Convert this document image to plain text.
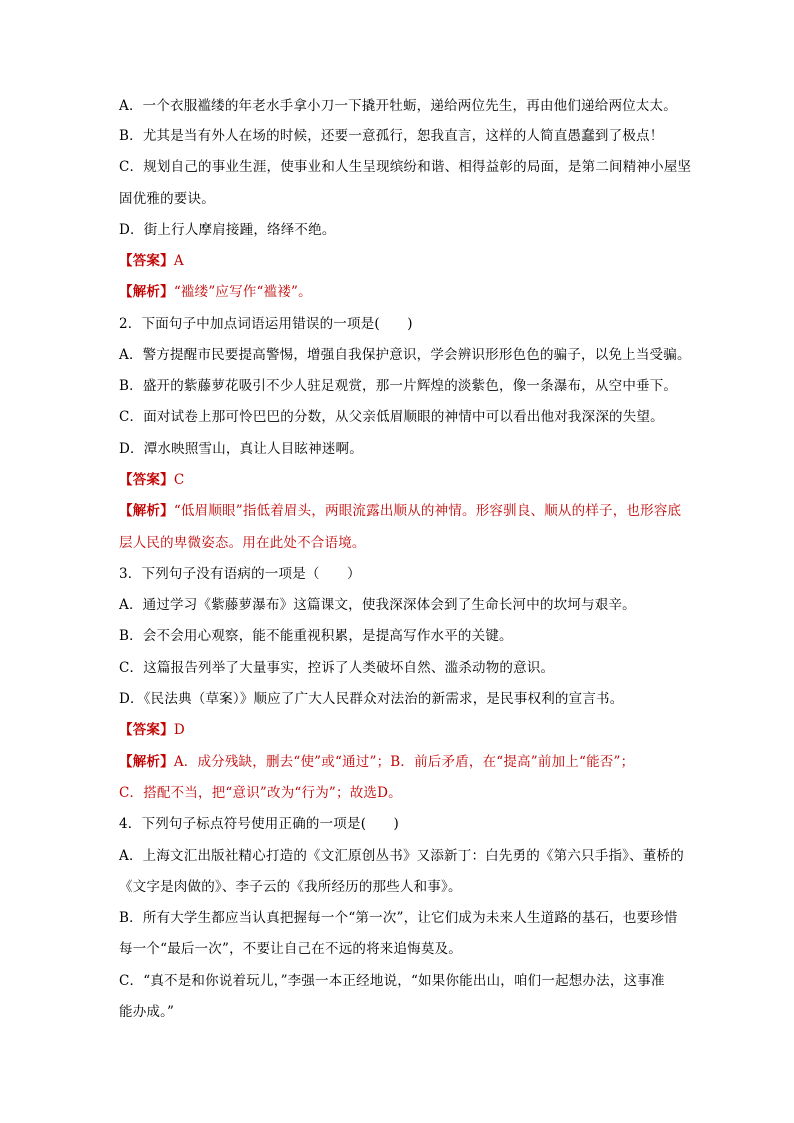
A．一个衣服褴缕的年老水手拿小刀一下撬开牡蛎，递给两位先生，再由他们递给两位太太。
B．尤其是当有外人在场的时候，还要一意孤行，恕我直言，这样的人简直愚蠢到了极点！
C．规划自己的事业生涯，使事业和人生呈现缤纷和谐、相得益彰的局面，是第二间精神小屋坚
固优雅的要诀。
D．街上行人摩肩接踵，络绎不绝。
【答案】A
【解析】“褴缕”应写作“褴褛”。
2．下面句子中加点词语运用错误的一项是(　　)
A．警方提醒市民要提高警惕，增强自我保护意识，学会辨识形形色色的骗子，以免上当受骗。
B．盛开的紫藤萝花吸引不少人驻足观赏，那一片辉煌的淡紫色，像一条瀑布，从空中垂下。
C．面对试卷上那可怜巴巴的分数，从父亲低眉顺眼的神情中可以看出他对我深深的失望。
D．潭水映照雪山，真让人目眩神迷啊。
【答案】C
【解析】“低眉顺眼”指低着眉头，两眼流露出顺从的神情。形容驯良、顺从的样子，也形容底
层人民的卑微姿态。用在此处不合语境。
3．下列句子没有语病的一项是（　　）
A．通过学习《紫藤萝瀑布》这篇课文，使我深深体会到了生命长河中的坎坷与艰辛。
B．会不会用心观察，能不能重视积累，是提高写作水平的关键。
C．这篇报告列举了大量事实，控诉了人类破坏自然、滥杀动物的意识。
D．《民法典（草案）》顺应了广大人民群众对法治的新需求，是民事权利的宣言书。
【答案】D
【解析】A．成分残缺，删去“使”或“通过”；B．前后矛盾，在“提高”前加上“能否”；
C．搭配不当，把“意识”改为“行为”；故选D。
4．下列句子标点符号使用正确的一项是(　　)
A．上海文汇出版社精心打造的《文汇原创丛书》又添新丁：白先勇的《第六只手指》、董桥的
《文字是肉做的》、李子云的《我所经历的那些人和事》。
B．所有大学生都应当认真把握每一个“第一次”，让它们成为未来人生道路的基石，也要珍惜
每一个“最后一次”，不要让自己在不远的将来追悔莫及。
C．“真不是和你说着玩儿，”李强一本正经地说，“如果你能出山，咱们一起想办法，这事准
能办成。”
